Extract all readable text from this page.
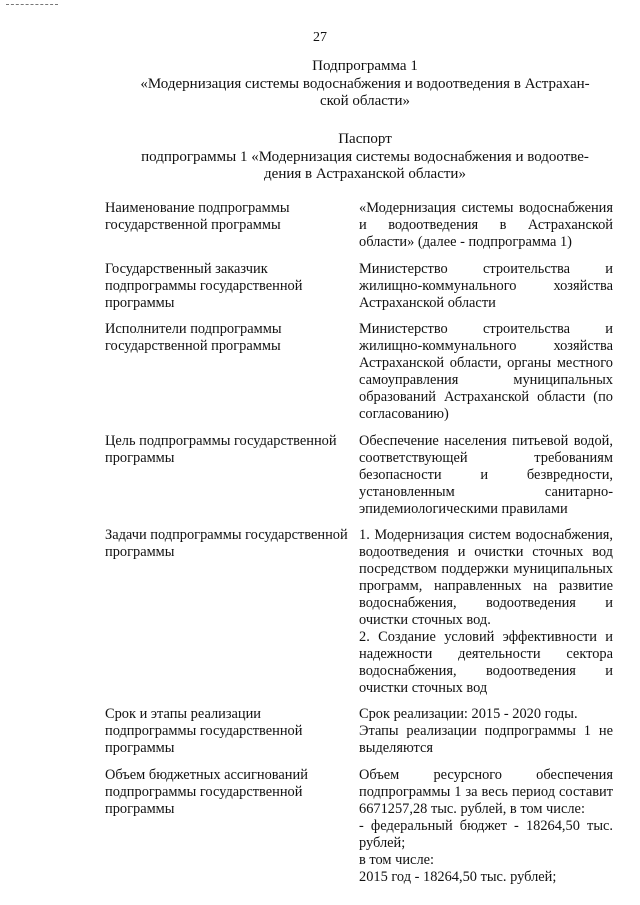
27
Подпрограмма 1
«Модернизация системы водоснабжения и водоотведения в Астрахан-
ской области»
Паспорт
подпрограммы 1 «Модернизация системы водоснабжения и водоотве-
дения в Астраханской области»
Наименование подпрограммы государственной программы	«Модернизация системы водоснабжения и водоотведения в Астраханской области» (далее - подпрограмма 1)

Государственный заказчик подпрограммы государственной программы	Министерство строительства и жилищно-коммунального хозяйства Астраханской области

Исполнители подпрограммы государственной программы	Министерство строительства и жилищно-коммунального хозяйства Астраханской области, органы местного самоуправления муниципальных образований Астраханской области (по согласованию)

Цель подпрограммы государственной программы	Обеспечение населения питьевой водой, соответствующей требованиям безопасности и безвредности, установленным санитарно-эпидемиологическими правилами

Задачи подпрограммы государственной программы	1. Модернизация систем водоснабжения, водоотведения и очистки сточных вод посредством поддержки муниципальных программ, направленных на развитие водоснабжения, водоотведения и очистки сточных вод.
2. Создание условий эффективности и надежности деятельности сектора водоснабжения, водоотведения и очистки сточных вод

Срок и этапы реализации подпрограммы государственной программы	Срок реализации: 2015 - 2020 годы.
Этапы реализации подпрограммы 1 не выделяются

Объем бюджетных ассигнований подпрограммы государственной программы	Объем ресурсного обеспечения подпрограммы 1 за весь период составит 6671257,28 тыс. рублей, в том числе:
- федеральный бюджет - 18264,50 тыс. рублей;
в том числе:
2015 год - 18264,50 тыс. рублей;
